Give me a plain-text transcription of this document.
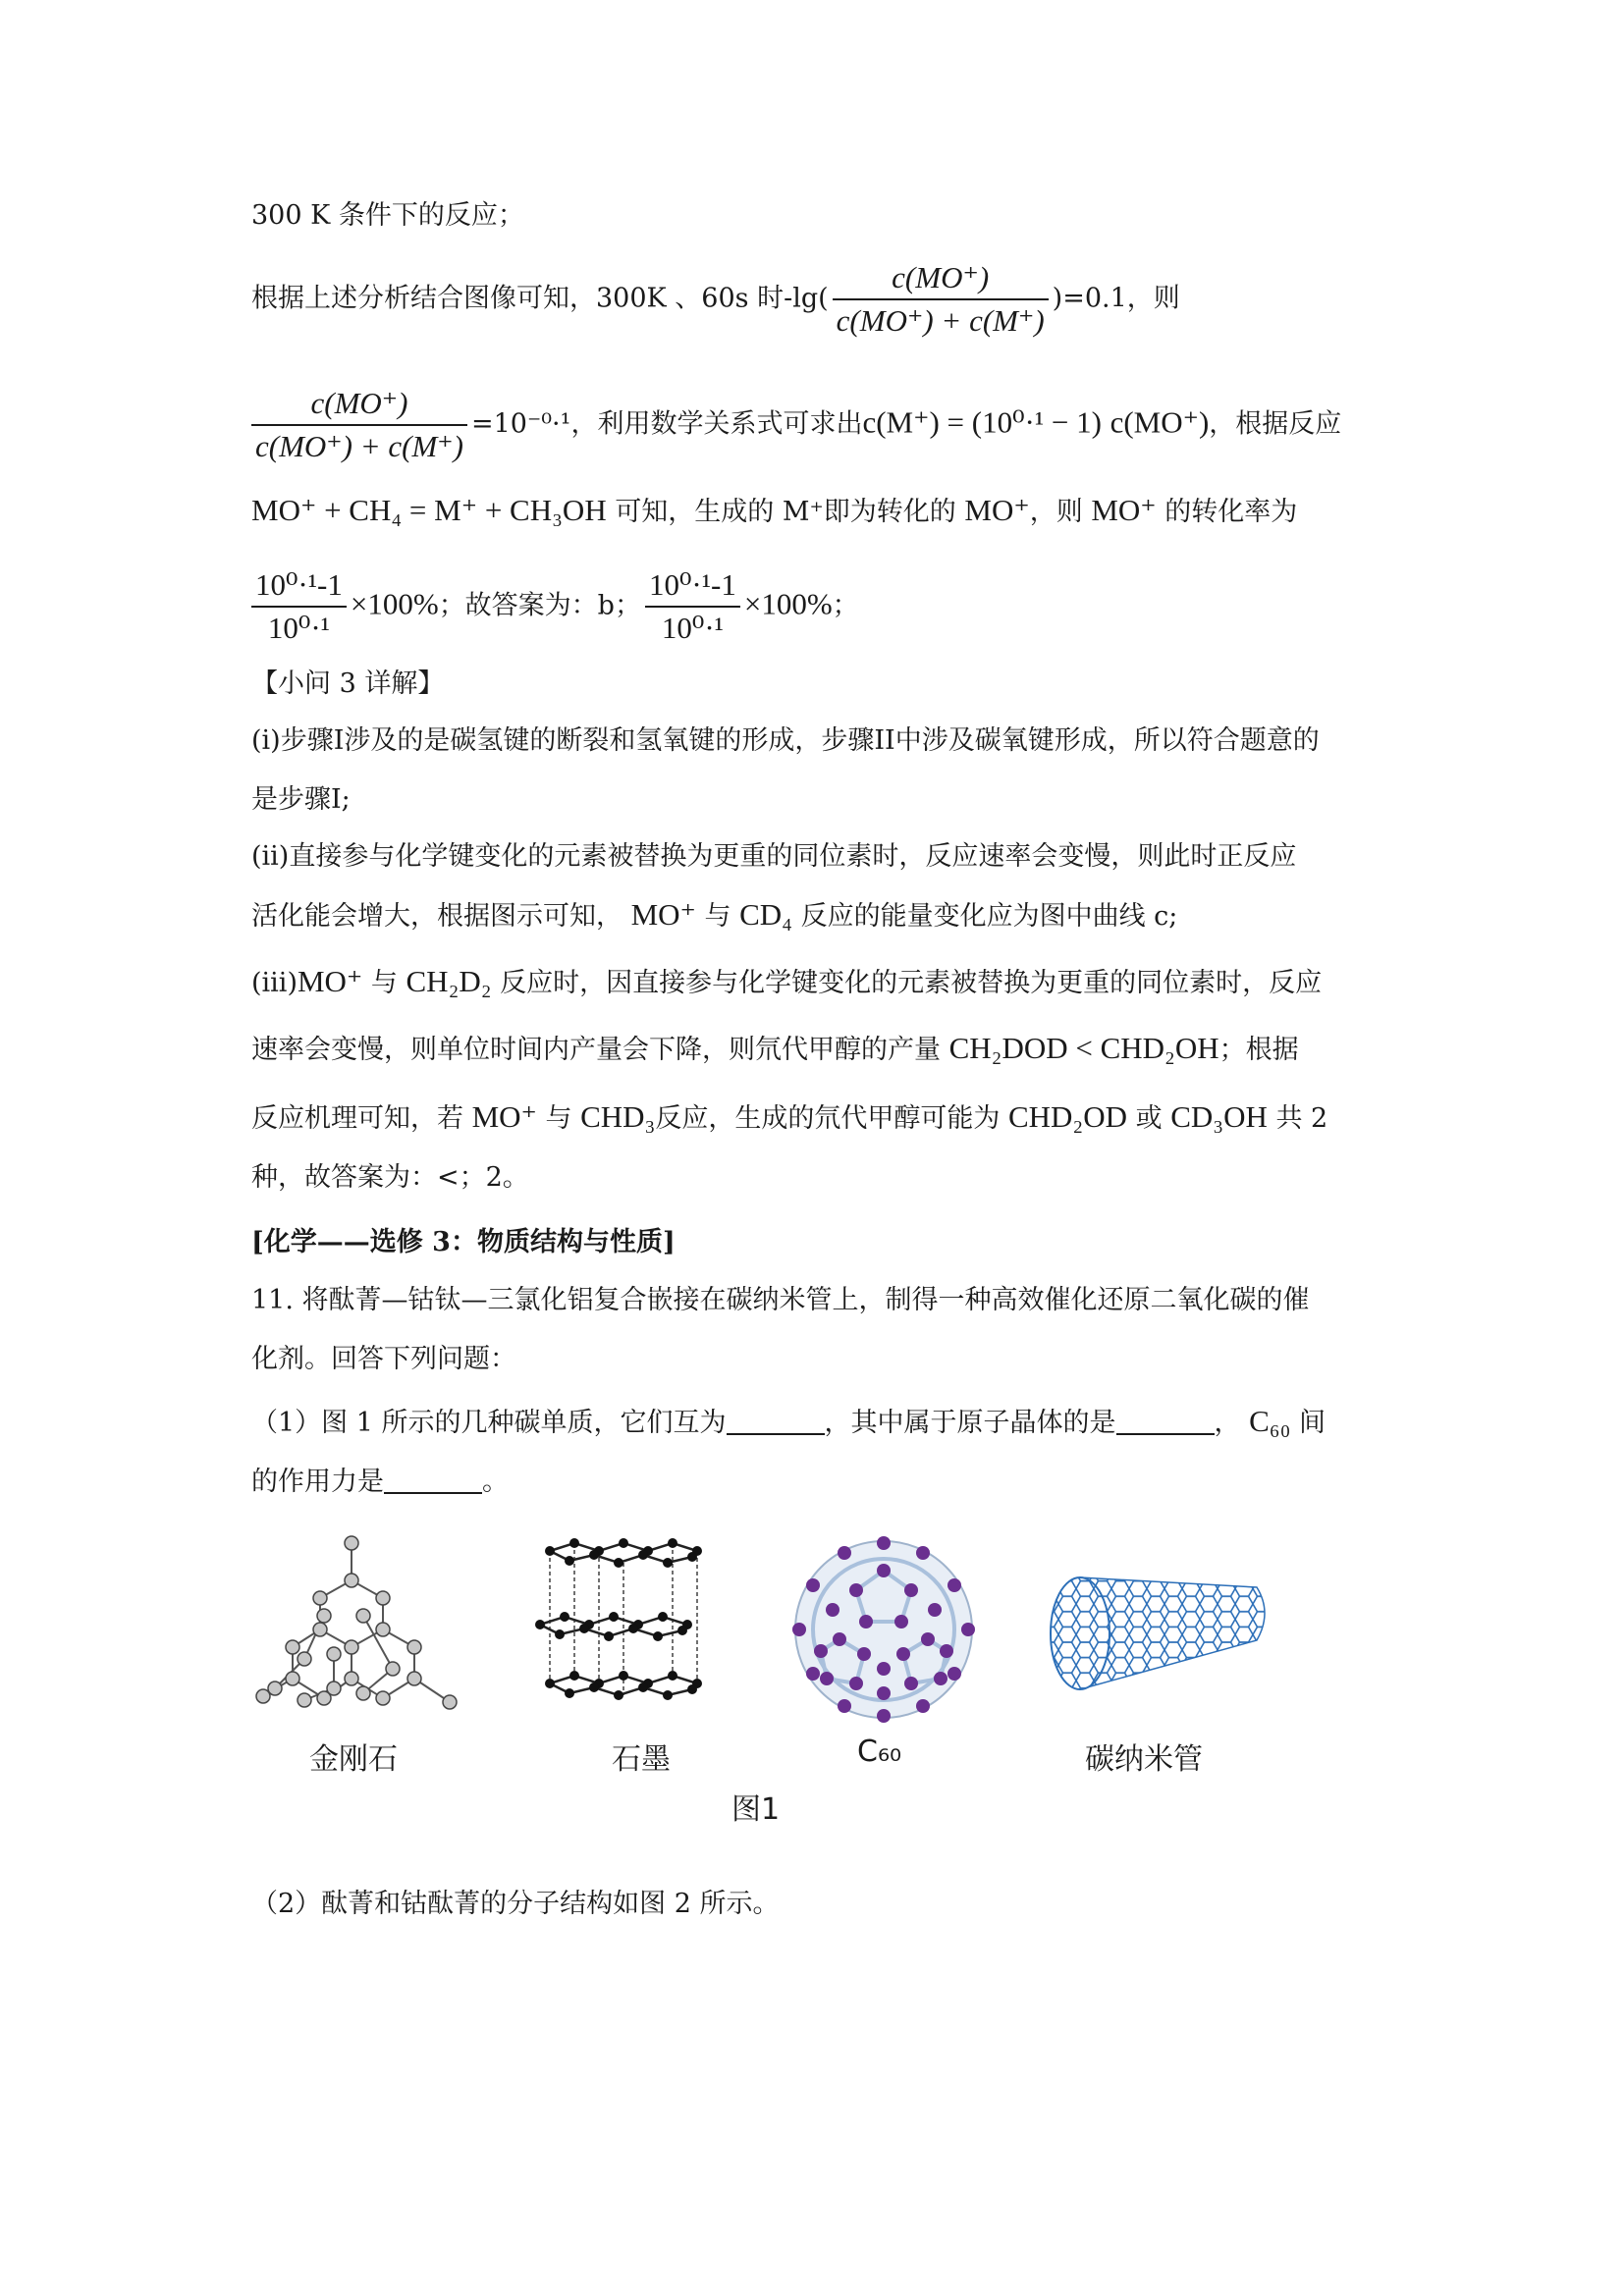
300 K 条件下的反应；
根据上述分析结合图像可知，300K 、60s 时$-\lg( \frac{c(MO^+)}{c(MO^+) + c(M^+)} )=0.1$，则
$\frac{c(MO^+)}{c(MO^+) + c(M^+)} =10^{-0}\cdot^1$，利用数学关系式可求出c(M⁺) = (10⁰·¹ − 1) c(MO⁺)，根据反应
MO⁺ + CH₄ = M⁺ + CH₃OH 可知，生成的 M⁺即为转化的 MO⁺，则 MO⁺ 的转化率为
$\frac{\text{10⁰·¹-1}}{\text{10⁰·¹}} \times 100\%$；故答案为：b； $\frac{\text{10⁰·¹-1}}{\text{10⁰·¹}} \times 100\%$；
【小问 3 详解】
(i)步骤I涉及的是碳氢键的断裂和氢氧键的形成，步骤II中涉及碳氧键形成，所以符合题意的
是步骤I;
(ii)直接参与化学键变化的元素被替换为更重的同位素时，反应速率会变慢，则此时正反应
活化能会增大，根据图示可知， MO⁺ 与 CD₄ 反应的能量变化应为图中曲线 c;
(iii)MO⁺ 与 CH₂D₂ 反应时，因直接参与化学键变化的元素被替换为更重的同位素时，反应
速率会变慢，则单位时间内产量会下降，则氘代甲醇的产量 CH₂DOD < CHD₂OH；根据
反应机理可知，若 MO⁺ 与 CHD₃反应，生成的氘代甲醇可能为 CHD₂OD 或 CD₃OH 共 2
种，故答案为：<；2。
[化学——选修 3：物质结构与性质]
11. 将酞菁—钴钛—三氯化铝复合嵌接在碳纳米管上，制得一种高效催化还原二氧化碳的催
化剂。回答下列问题：
（1）图 1 所示的几种碳单质，它们互为	，其中属于原子晶体的是	， C₆₀ 间
的作用力是	。
金刚石	石墨	C₆₀	碳纳米管
图1
（2）酞菁和钴酞菁的分子结构如图 2 所示。
